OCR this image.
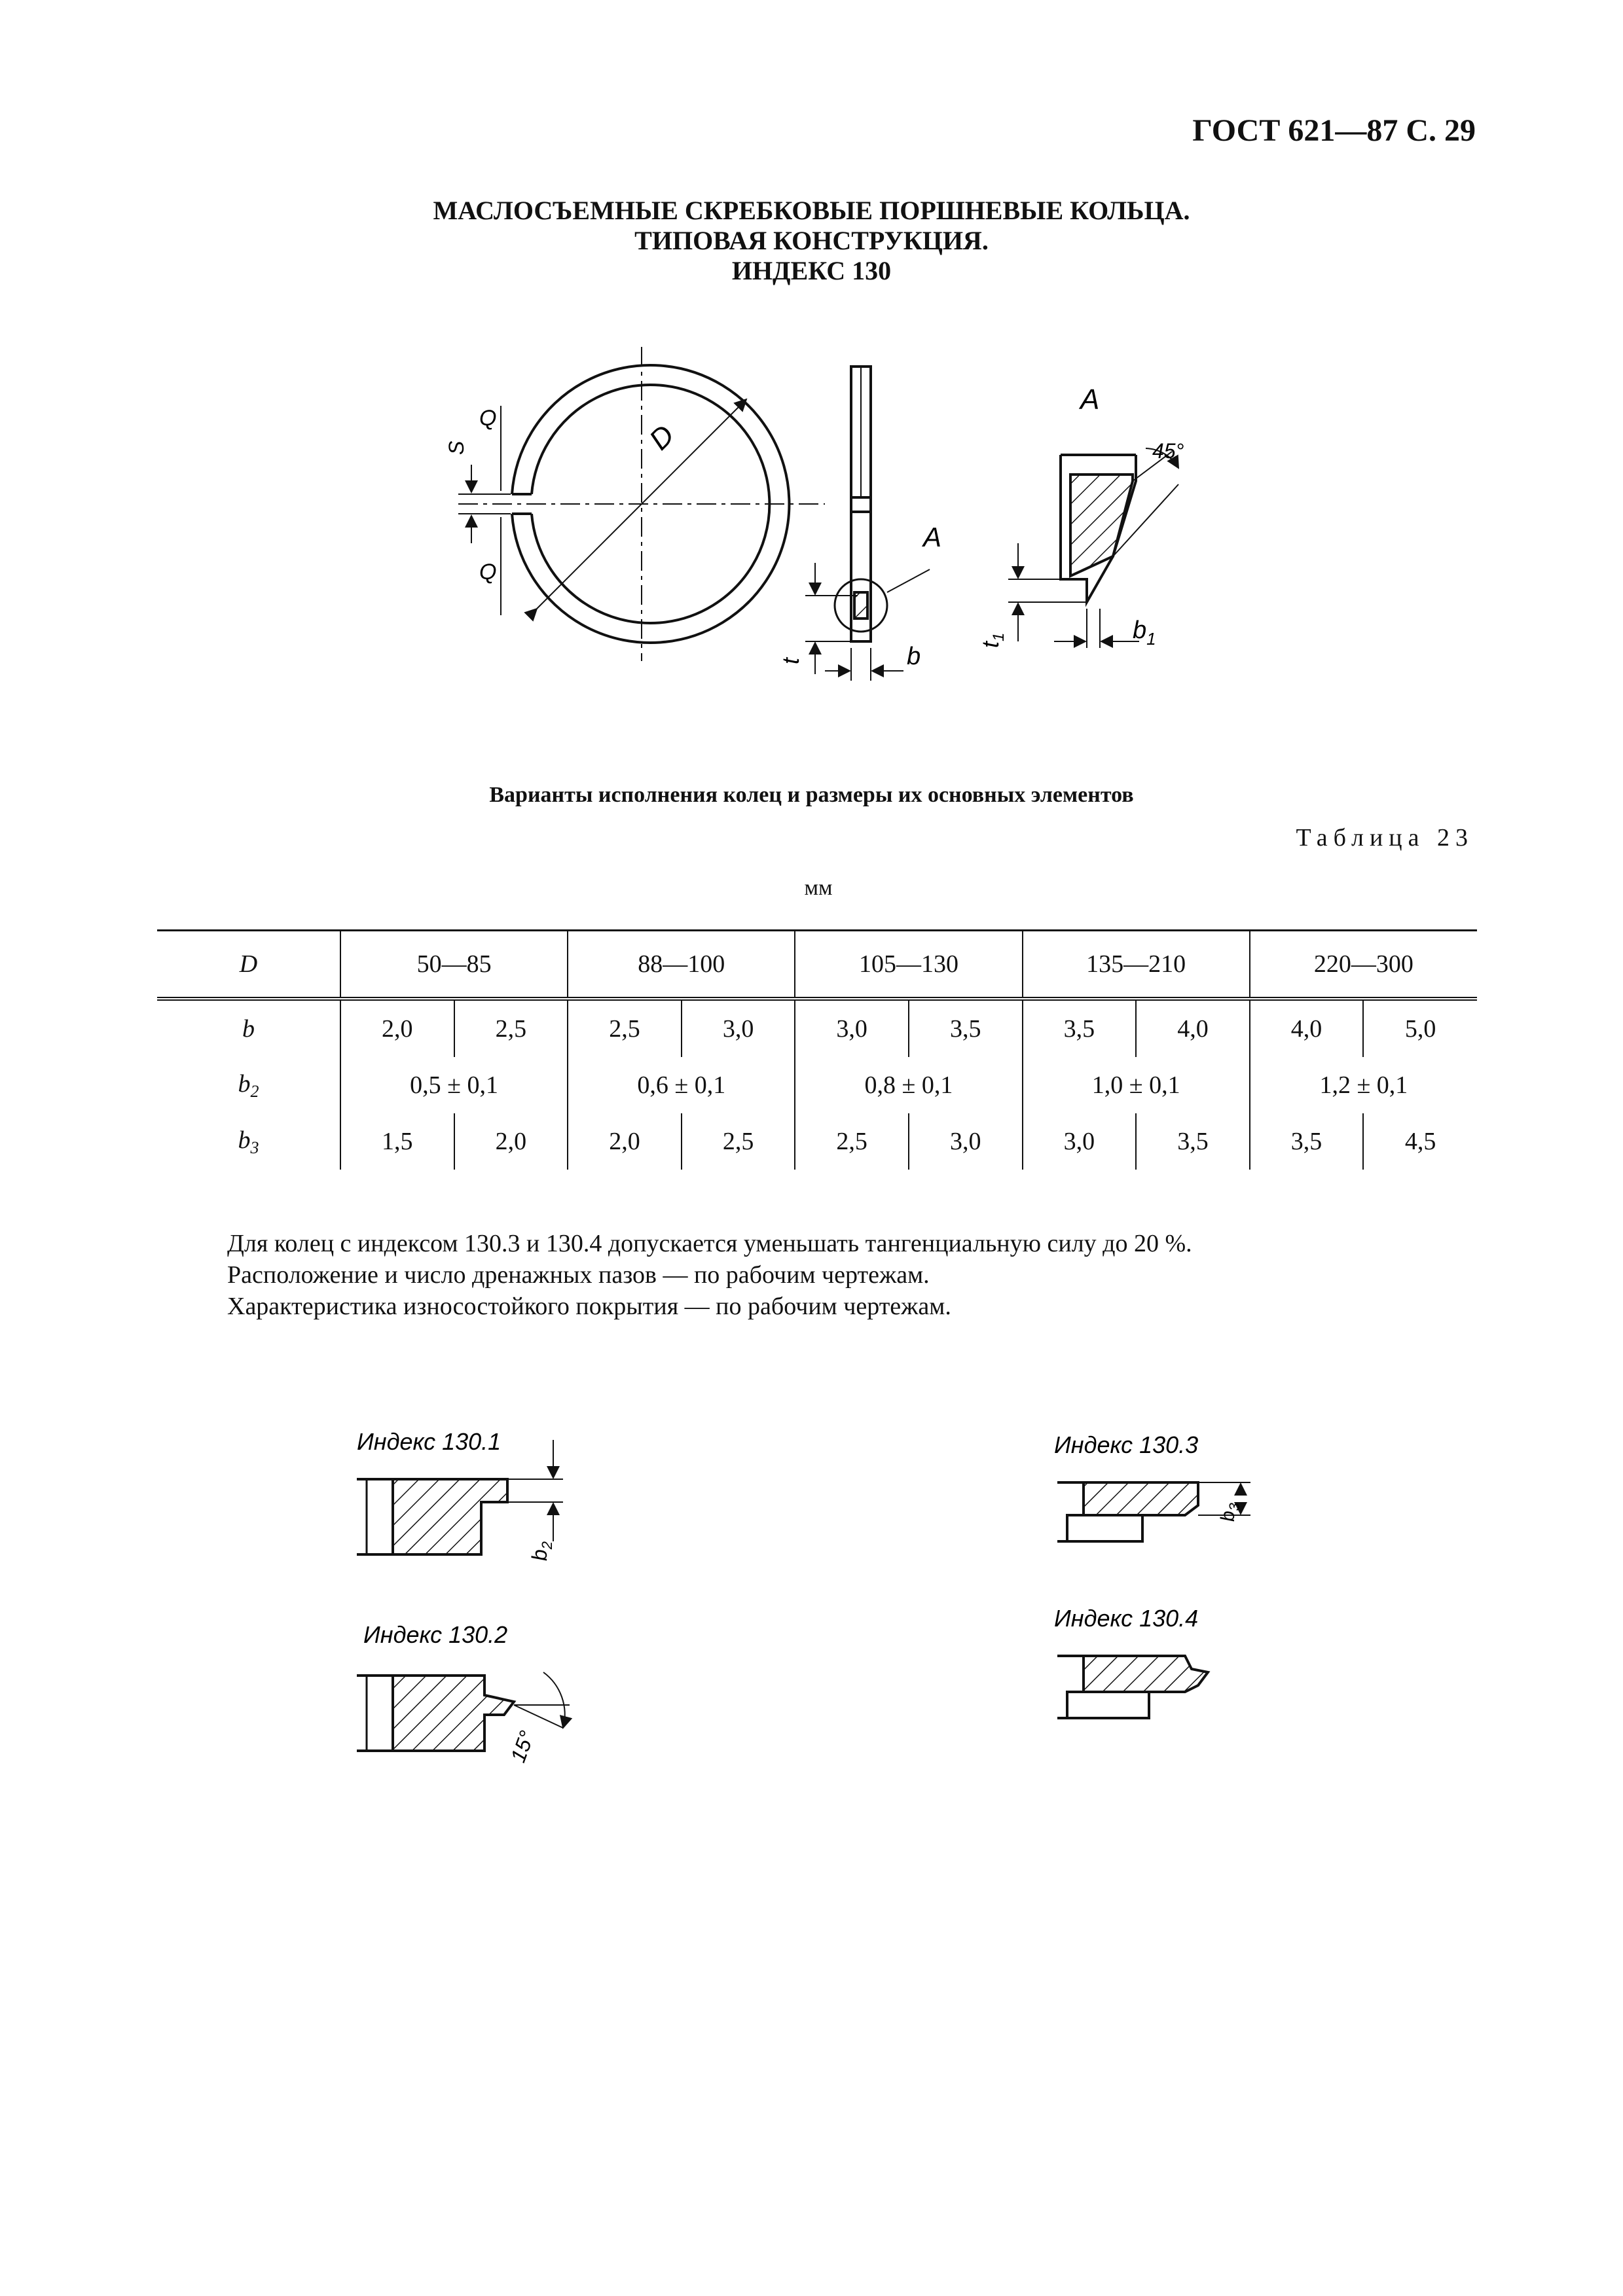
ГОСТ 621—87 С. 29
МАСЛОСЪЕМНЫЕ СКРЕБКОВЫЕ ПОРШНЕВЫЕ КОЛЬЦА.
ТИПОВАЯ КОНСТРУКЦИЯ.
ИНДЕКС 130
Q
Q
S	D
A
b
t
A
45°
$t_1$	$b_1$
Варианты исполнения колец и размеры их основных элементов
Таблица 23
мм
D	50—85		88—100		105—130		135—210		220—300	
b	2,0	2,5	2,5	3,0	3,0	3,5	3,5	4,0	4,0	5,0
$b_2$	0,5 ± 0,1		0,6 ± 0,1		0,8 ± 0,1		1,0 ± 0,1		1,2 ± 0,1	
$b_3$	1,5	2,0	2,0	2,5	2,5	3,0	3,0	3,5	3,5	4,5
Для колец с индексом 130.3 и 130.4 допускается уменьшать тангенциальную силу до 20 %.
Расположение и число дренажных пазов — по рабочим чертежам.
Характеристика износостойкого покрытия — по рабочим чертежам.
Индекс 130.1
$b_2$
Индекс 130.2
15°
Индекс 130.3
$b_3$
Индекс 130.4
